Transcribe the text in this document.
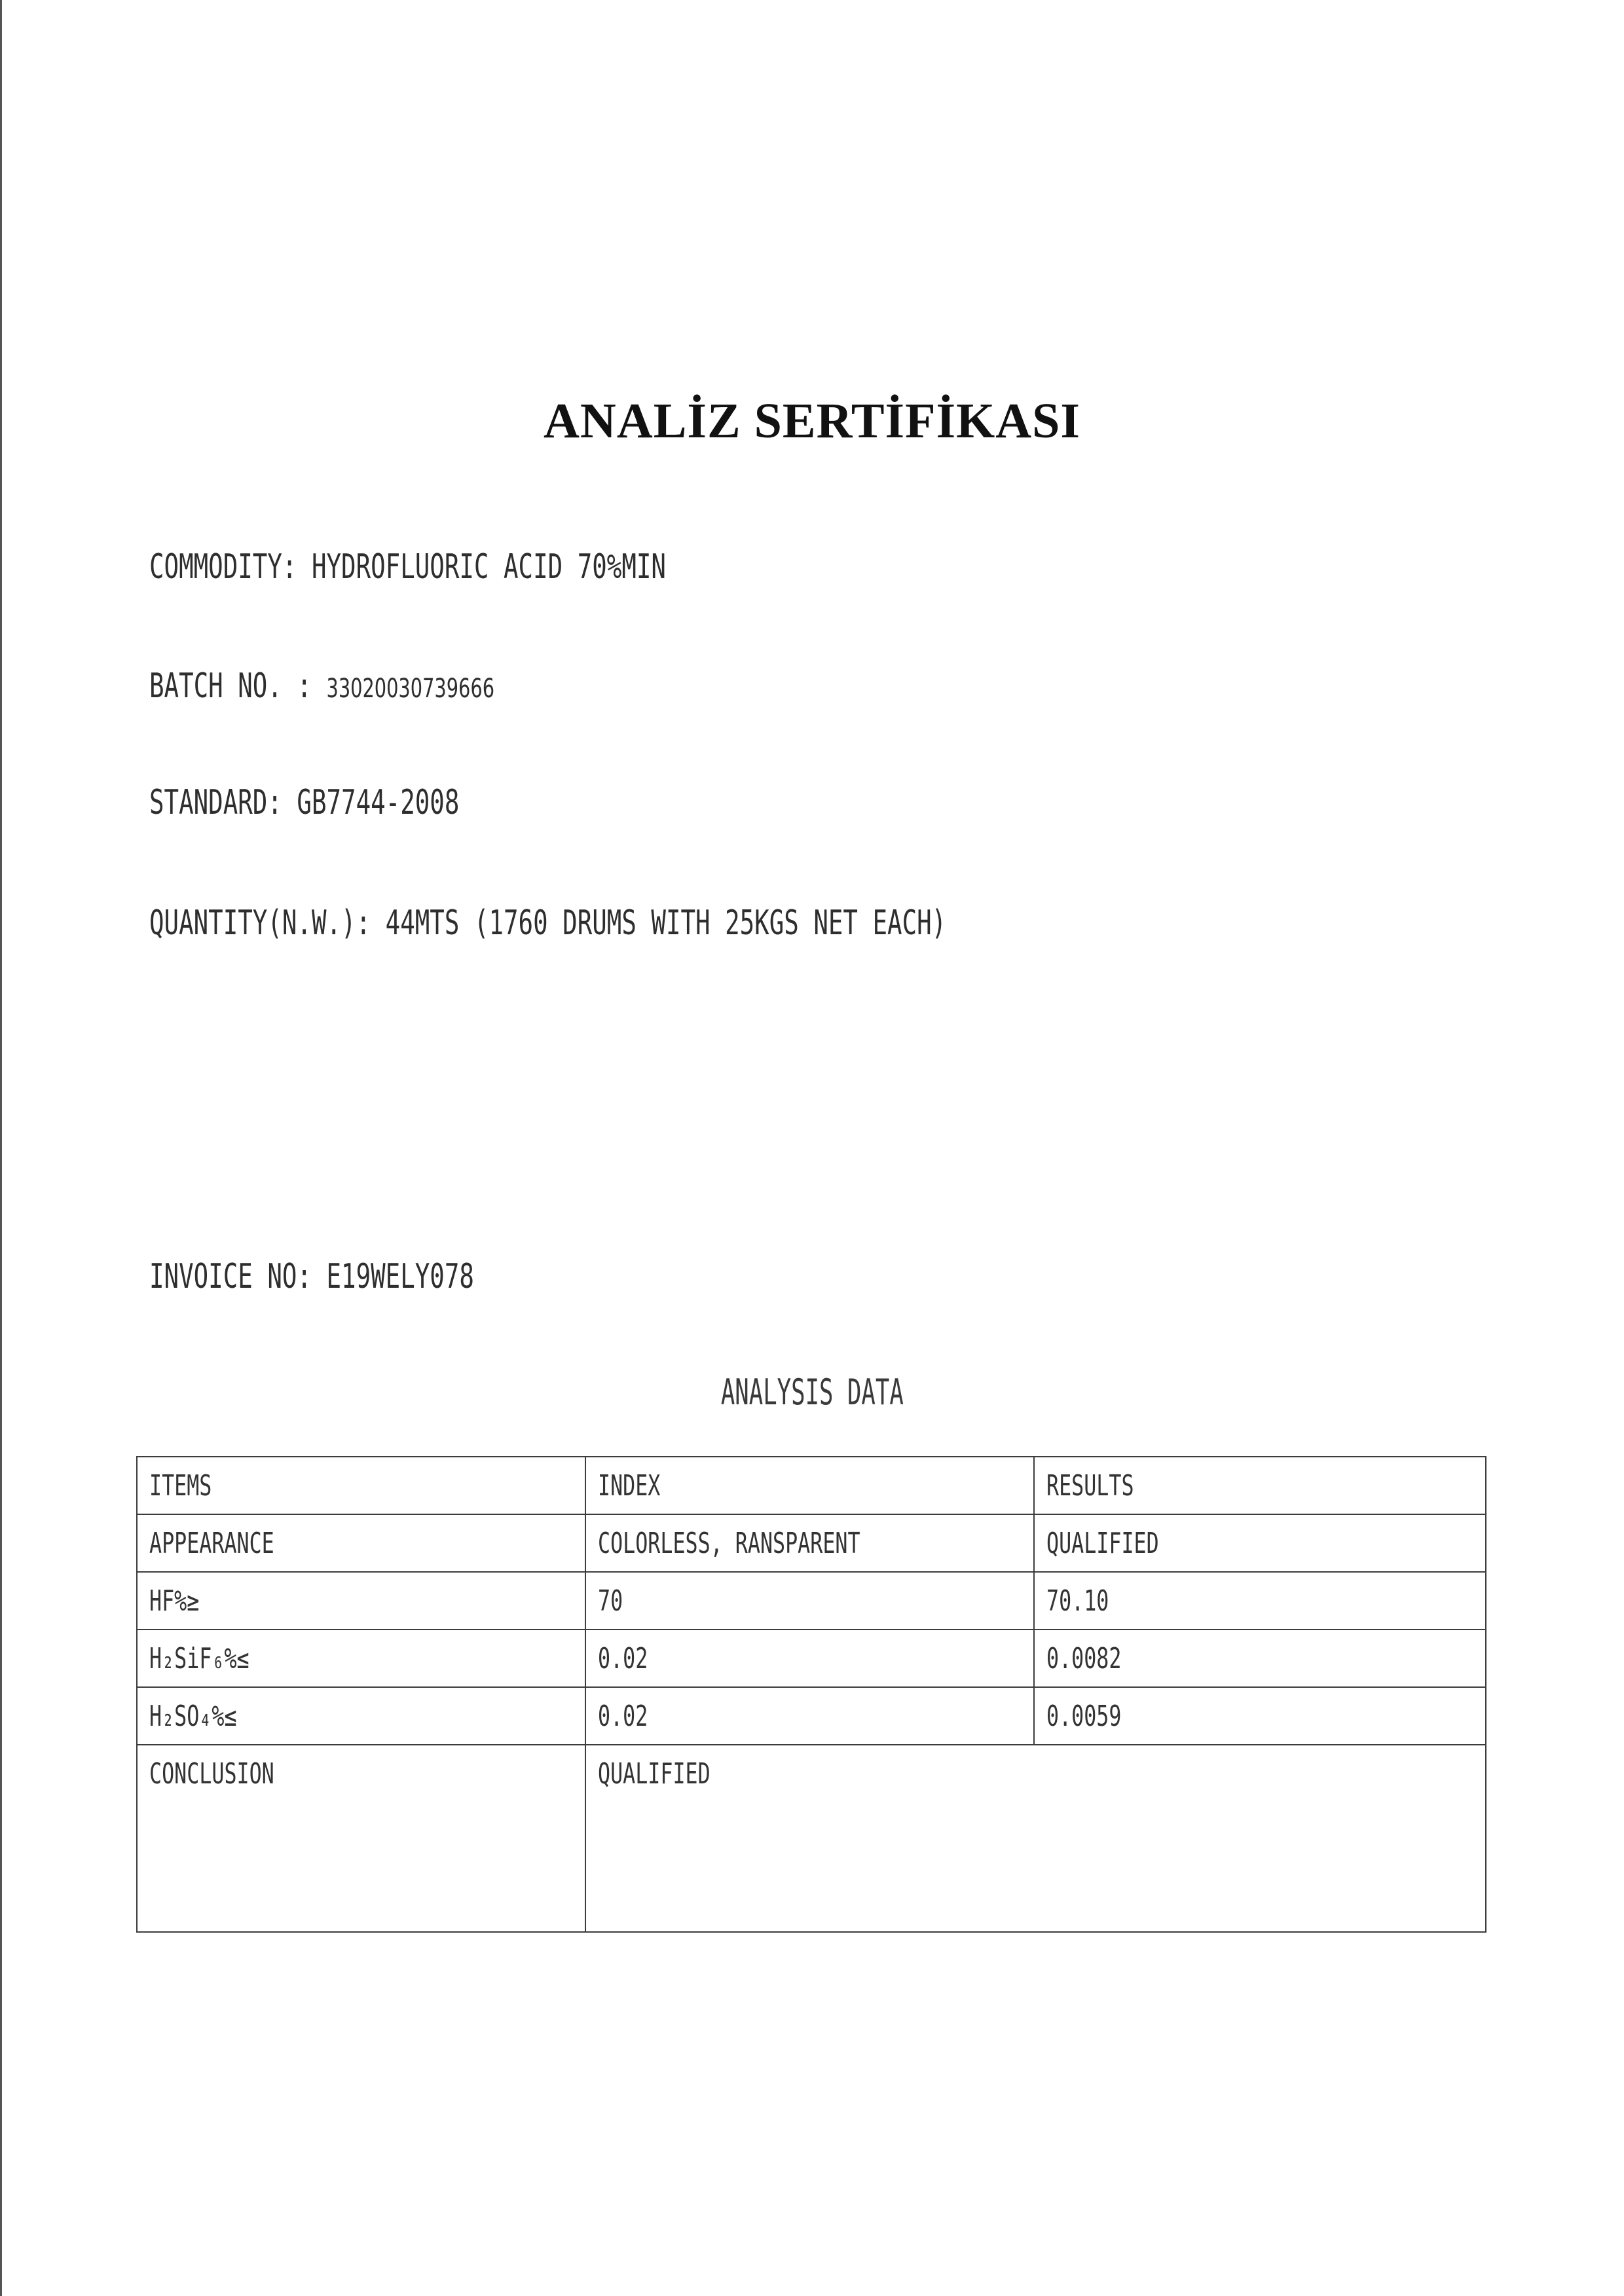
ANALİZ SERTİFİKASI
COMMODITY: HYDROFLUORIC ACID 70%MIN
BATCH NO. : 33020030739666
STANDARD: GB7744-2008
QUANTITY(N.W.): 44MTS (1760 DRUMS WITH 25KGS NET EACH)
INVOICE NO: E19WELY078
ANALYSIS DATA
ITEMS	INDEX	RESULTS
APPEARANCE	COLORLESS, RANSPARENT	QUALIFIED
HF%≥	70	70.10
H₂SiF₆%≤	0.02	0.0082
H₂SO₄%≤	0.02	0.0059
CONCLUSION	QUALIFIED	
